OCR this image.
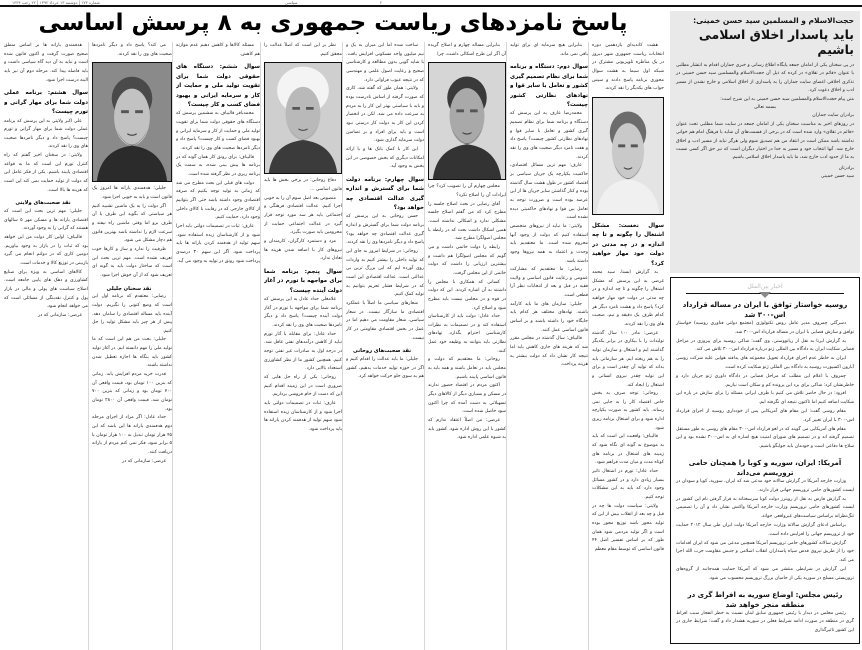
شماره ۱۷۳ | دوشنبه ۱۳ خرداد ۱۳۹۲ | ۲۲ رجب ۱۴۳۴	سیاسی	۲
پاسخ نامزدهای ریاست جمهوری به ۸ پرسش اساسی	حجت‌الاسلام و المسلمین سید حسن خمینی:
باید پاسدار اخلاق اسلامی باشیم

در پی سخنان یکی از امامان جمعه پایگاه اطلاع رسانی و خبری جماران اقدام به انتشار مطلبی با عنوان «قائم در تقلای» در کرده که ذیل آن حجت‌الاسلام والمسلمین سید حسن خمینی در تذکری اخلاقی اعضای سایت جماران را به پاسداری از اخلاق اسلامی و خارج نشدن از مسیر ادب و اخلاق دعوت کرد.

متن پیام حجت‌الاسلام والمسلمین سید حسن خمینی به این شرح است:

بسمه تعالی

برادران سایت جماران

در روزهای اخیر به مناسبت سخنان یکی از امامان جمعه در سایت شما مطلبی تحت عنوان «قائم در تقلای» وارد شده است که در برخی از قسمت‌های آن شاید با فرهنگ امام هم خوانی نداشته باشد ممکن است در انتقاد من هم تصدیق شوم ولی هرگز نباید از مسیر ادب و اخلاق خارج شد. آنها انتخاب خود و مسیر به خدا در اختیار دیگران است که نیز حق اگر کسی نسبت به ما از حدود ادب خارج شد، ما باید پاسدار اخلاق اسلامی باشیم.

برادرتان

سید حسن خمینی

اخبار بین‌الملل
روسیه خواستار توافق با ایران در مساله قرارداد اس-۳۰۰ شد

دسرگئی چمزوف مدیر عامل روس تکنولوژی (مجتمع دولتی فناوری روسیه) خواستار توافق و سازش قضایی با ایران در مساله قرارداد اس-۳۰۰ شد.

به گزارش ایرنا به نقل از ریانووستی، وی گفت: شاکی روسیه برای پیروزی در مراحل قضایی شکایت ایران به دادگاه بین المللی ژنو درباره قرارداد اس-۳۰۰ تلاش می کند.

ایران به خاطر عدم اجرای قرارداد تحویل مجموعه های پدافند هوایی علیه شرکت روسی آبارون اکسپورت روسیه به دادگاه بین المللی ژنو شکایت کرده است.

چمزوف با اعلام این مطلب که مراحل قضایی در دادگاه داوری ژنو جریان دارد و خاطرنشان کرد: شاکی برای برد این پرونده کم و سکان است نیازیم.

افزود: در حال حاضر تلاش می کنیم با طرف ایرانی مسئله را برای سازش در باره این شکایت اضافه کنیم اما تاکنون نتیجه ای نگرفته ایم.

مقام روسی گفت: این مقام های آمریکایی پس از خودداری روسیه از اجرای قرارداد اس-۳۰۰ با ایران تغییر کرد.

مقام های آمریکایی می گویند که در لغو قرارداد اس-۳۰۰ مقام های روسی به طور مستقل تصمیم گرفته اند و در تصمیم های شورای امنیت هیچ اشاره ای به اس-۳۰۰ نشده بود و این سلاح ها دفاعی است و خودمان باید جوابگو باشیم.

آمریکا: ایران، سوریه و کوبا را همچنان حامی تروریسم می‌داند

وزارت خارجه آمریکا در گزارش سالانه خود مدعی شد که ایران، سوریه، کوبا و سودان در لیست کشورهای حامی تروریسم جهانی قرار دارند.

به گزارش فارس به نقل از رویترز دولت کوبا سرسختانه به قرار گرفتن نام این کشور در لیست کشورهای حامی تروریسم وزارت خارجه آمریکا واکنش نشان داد و آن را تصمیمی تنگ‌نظرانه براساس سیاست‌های غیرواقعی خواند.

براساس ادعای گزارش سالانه وزارت خارجه آمریکا دولت ایران طی سال ۲۰۱۲ حمایت خود از تروریسم جهانی را افزایش داده است.

گزارش سالانه کشورهای حامی تروریسم آمریکا همچنین مدعی می شود که ایران اقدامات خود را از طریق نیروی قدس سپاه پاسداران انقلاب اسلامی و جنبش مقاومت حزب الله اجرا می کند.

این گزارش در شرایطی منتشر می شود که آمریکا حمایت همه‌جانبه از گروه‌های تروریستی مسلح در سوریه یکی از حامیان بزرگ تروریسم محسوب می شود.

رئیس مجلس: اوضاع سوریه به افراط گری در منطقه منجر خواهد شد

رئیس مجلس در دیدار با رئیس جمهوری سابق لبنان نسبت به خطر انفجار سبب افراط گری در منطقه در صورت ادامه شرایط فعلی در سوریه هشدار داد و گفت: شرایط جاری در این کشور تاثیرگذاری

هشت کاندیدای یازدهمین دوره انتخابات ریاست جمهوری شهر دیروز در یک مناظره تلویزیونی مشترک در شبکه اول سیما به هشت سوال محوری برنامه پاسخ دادند و سپس جواب های یکدیگر را نقد کردند.

سوال نخست: مشکل اشتغال را چگونه و تا چه اندازه و در چه مدتی در دولت خود مهار خواهید کرد؟

به گزارش ایسنا، سید محمد غرضی به این پرسش که مشکل اشتغال را چگونه و تا چه اندازه و در چه مدتی در دولت خود مهار خواهید کرد؟ پاسخ داد و هشت نامزد دیگر هر کدام ظرف یک دقیقه و نیم، صحبت های وی را نقد کردند.

غرضی: مادر ۱۰۰ سال گذشته تولیدات را با بیکاری در برابر یکدیگر گذاشته ایم و اشتغال و سازمان تولید را به هم ریخته ایم. هر سازمانی باید بداند که تولید آن چقدر است و برای این تولید چقدر نیروی انسانی و اشتغال را ایجاد کند.

روحانی: توجه صرف به بخش خاص اقتصاد کار را به جایی نمی رساند. باید کشور به صورت یکپارچه اداره شود و برای اشتغال برنامه ریزی شود.

قالیباف: واقعیت این است که باید به موضوع به گونه ای نگاه شود که زمینه های اشتغال در برنامه های کوتاه مدت و میان مدت فراهم شود.

حداد عادل: تورم در اشتغال تاثیر بسیار زیادی دارد و در کشور مسائل وجود دارد که باید به این مشکلات توجه کنیم.

ولایتی: سیاست دولت ها چه در قبل و چه بعد از انقلاب بیش از این که تولید محور باشد توزیع محور بوده است و اگر تولید مردمی شود همان طور که بر اساس تفسیر اصل ۴۴ قانون اساسی که توسط مقام معظم

بنابراین هیچ سرمایه ای برای تولید باقی نمی ماند.

سوال دوم: دستگاه و برنامه شما برای نظام تصمیم گیری کشور و تعامل با سایر قوا و نهادهای نظارتی کشور چیست؟

محمدرضا عارف به این پرسش که دستگاه و برنامه شما برای نظام تصمیم گیری کشور و تعامل با سایر قوا و نهادهای نظارتی کشور چیست؟ پاسخ داد و هفت نامزد دیگر صحبت های وی را نقد کردند.

عارف: مهم ترین مسائل اقتصادی، حاکمیت یکپارچه یک جریان سیاسی بر اقتصاد کشور در طول هشت سال گذشته بوده و کنار گذاشتن سایر جریان ها از این عرصه بوده است و ضرورت توجه به تعامل بین قوا و نهادهای حاکمیتی دیده نشده است.

ولایتی: ما نباید از نیروهای متخصص استفاده کنیم که دولت از وجود آنها محروم شده است. ما معتقدیم باید وحدت و اعتماد به همه نیروها وجود داشته باشد.

رضایی: ما معتقدیم که مشارکت عمومی و رعایت قانون اساسی و ولایت فقیه در قبل و بعد از انتخابات نظر آرا قطعی است.

جلیلی: سازمان های ما باید کارآمد باشند. نهادهای مختلف هر کدام باید جایگاه خود را داشته باشند و بر اساس قانون اساسی عمل کنند.

قالیباف: سال گذشته در مجلس مقرر شد که هزینه های جاری کاهش یابد اما نتیجه کار نشان داد که دولت بیشتر به هزینه پرداخت.

بنابراین مساله چهارم و اصلاح گزیده آن اگر این طرح اشکالی داشت، چرا

مجلس چهارم آن را تصویب کرد؟ چرا ایرادات آن را اصلاح نکرد؟

آقای رضایی در بحث اصلاح جلسه را مطرح کرد که من گفتم اصلاح جلسه مشکلی ندارد و اشکالی نداشته است. همین اشکال داشت بحث که در رابطه با مجلس اصولگرا مطرح شد.

رابطه را دولت خاتمی داشت و می گویم که مجلس اصولگرا هم داشت و بیشترین ارزیابی را داشت که دولت خاتمی از این مجلس گرفت.

کسانی که همکاری با مجلس را داشتند به آن اشاره کردند. این که دولت در قوه و در مجلس نیست باید مطرح شود و اصلاح کرد.

حداد عادل: دولت باید از کارشناسان استفاده کند و در تصمیمات به نظرات کارشناسی احترام بگذارد. نهادهای نظارتی باید بتوانند به وظیفه خود عمل کنند.

روحانی: ما معتقدیم که دولت و مجلس باید در تعامل باشند و همه باید به قانون اساسی پایبند باشیم.

اکنون مردم در اقتصاد حضور ندارند در مسکن و بسیاری دیگر از کالاهای دیگر تسهیلاتی به دست آمده که چرا اکنون سود حاصل شده است.

غرضی: من اصلاً اعتقاد ندارم که کشور با این روش اداره شود. کشور باید به شیوه علمی اداره شود.

ساخت شده اما این میزان به یک و نیم میلیون واحد مسکونی افزایش یافت. با شاید گویی بدون مطالعه و کارشناسی صحیح و رعایت اصول علمی و مهندسی که در نتیجه عیوب فراوانی دارد.

ولایتی: همان طور که گفته شد، کاری که صورت گرفته از اساس نادرست بوده و باید با سیاستی بهتر این کار را به مردم به سرعت داده می شد. لکن در انحصار کردن این کار به دولت کار درستی نبود است و باید برای افراد و بر تضامین دولت سرمایه گذاری شود.

این کار با کمک بانک ها و با ارائه امکانات دیگری که بخش خصوصی در این بخش به وجود آید.

سوال چهارم: برنامه دولت شما برای گسترش و اندازه گیری عدالت اقتصادی چه خواهد بود؟

حسن روحانی به این پرسش که برنامه دولت شما برای گسترش و اندازه گیری عدالت اقتصادی چه خواهد بود؟ پاسخ داد و دیگر نامزدها وی را نقد کردند.

روحانی: در شرایط امروز به جای این که تولید داخلی را بیشتر کنیم به واردات روی آورده ایم که این بزرگ ترین بی عدالتی است. عدالت اقتصادی این است که در شرایط فشار تحریم بتوانیم به تولید کمک کنیم.

شعارهای سیاسی ما اصلاً با عملکرد اقتصادی ما سازگار نیست. در شعار سیاسی، شعار مقاومت می دهیم اما در عمل در بخش اقتصادی مقاومتی در کار نیست.

نقد صحبت‌های روحانی

جلیلی: ما باید عدالت را اقدام کنیم و اگر در حوزه تولید خدمات بدهیم، کشور هم به سوی جلو حرکت خواهد کرد.

نظر بر این است که اصلاً عدالت را محقق کنیم.

دفاع روحانی: در برخی بخش ها باید قانون اساسی ...

منصوص بعد اصل سوم آن را به خوبی اجرا کنیم. عدالت اقتصادی فرهنگی و اجتماعی باید هر سه مورد توجه قرار گیرد در عدالت اجتماعی حمایت از محرومین باید صورت بگیرد.

مزد و دستمزد کارگران، کارمندان و نیروهای کار با اضافه شدن هزینه ها تعادل ندارد.

سوال پنجم: برنامه شما برای مواجهه با تورم در آغاز دولت آینده چیست؟

غلامعلی حداد عادل به این پرسش که برنامه شما برای مواجهه با تورم در آغاز دولت آینده چیست؟ پاسخ داد و دیگر نامزدها صحبت های وی را نقد کردند.

حداد عادل: برای مقابله با آثار تورم نباید از کاهش درآمدهای نفتی غافل شد. در درجه اول به صادرات غیر نفتی توجه کنیم. همچنین کشور ما از نظر کشاورزی استعداد بالایی دارد.

روحانی: یکی از راه حل هایی که ضروری است در این زمینه اقدام کنیم این که دست از خام فروشی برداریم.

عارف: ثبات در تصمیمات دولتی باید اجرا شود و از کارشناسان زبده استفاده شود سهم تولید از هدفمند کردن یارانه ها باید پرداخت شود.

مسئله کالاها و کاهش دهیم عدم موازنه هم کاهش.

سوال ششم: دستگاه های حقوقی دولت شما برای تقویت تولید ملی و حمایت از کار و سرمایه ایرانی و بهبود فضای کسب و کار چیست؟

محمدباقر قالیباف به ششمین پرسش که دستگاه های حقوقی دولت شما برای تقویت تولید ملی و حمایت از کار و سرمایه ایرانی و بهبود فضای کسب و کار چیست؟ پاسخ داد و دیگر نامزدها صحبت های وی را نقد کردند.

قالیباف: برای رونق کار همان گونه که در برنامه ها پیش بینی شده، به سمت یک برنامه ریزی در نظر گرفته شده است.

دولت های قبلی این بحث مطرح می شد که زمانی به تولید توجه بکنیم که صرفه اقتصادی وجود داشته باشد حتی اگر بتوانیم از کالای خارجی که در رقابت با کالای داخلی وجود دارد، حمایت کنیم.

عارف: ثبات در تصمیمات دولتی باید اجرا شود و از کارشناسان زبده استفاده شود. سهم تولید از هدفمند کردن یارانه ها باید پرداخت شود. اگر این سهم ۳۰ درصدی پرداخت شود رونق در تولید به وجود می آید.

می کند؟ پاسخ داد و دیگر نامزدها صحبت های وی را نقد کردند.

جلیلی: هدفمندی یارانه ها امروز یک قانون است و باید به خوبی اجرا شود.

اگر دولت را به یک ماشین تشبیه کنیم هر سیاستی که بگوید این طرف یا آن طرف برو اما وقتی ماشین راه نیفتد و سرعت لازم را نداشته باشد بهترین قانون هم دچار مشکل می شود.

ظرفیت را ندارد و ساز و کارها خوب تعریف نشده است. مهم ترین بحث این است که ساختار دولت باید به گونه ای تعریف شود که از آن خوش اجرا شود.

نقد سخنان جلیلی

رضایی: معتقدم که برنامه اول این است که وضع کنونی را نگیریم. دولت آینده باید مساله اقتصادی را سامان دهد. پیش از هر چیز باید مشکل تولید را حل کنیم.

جلیلی: بحث من هم این است که ما تولید ملی را مهم دانسته ایم. در آغاز تولید کشور باید بنگاه ها اجازه تعطیل شدن نداشته باشند.

قدرت خرید مردم افزایش یابد. زمانی که بنزین ۱۰۰ تومان بود، قیمت واقعی آن ۷۰۰ تومان بود و زمانی که بنزین ۷۰۰ تومان شد، قیمت واقعی آن ۲۸۰۰ تومان بود.

حداد عادل: اگر مراد از اجرای مرحله دوم هدفمندی یارانه ها این باشد که این ۴۵ هزار تومان تبدیل به ۱۰۰ هزار تومان یا ۵ برابر شود، فکر نمی کنم مردم از یارانه دریافت کنند.

غرضی: سازمانی که در

هدفمندی یارانه ها بر اساس منطق صحیح صورت گرفت و اکنون قانون شده است و نباید به آن دید گاه سیاسی داشت و باید فاصله پیدا کند. مرحله دوم آن نیز باید البته درست اجرا شود.

سوال هشتم: برنامه عملی دولت شما برای مهار گرانی و تورم چیست؟

علی اکبر ولایتی به این پرسش که برنامه عملی دولت شما برای مهار گرانی و تورم چیست؟ پاسخ داد و دیگر نامزدها صحبت های وی را نقد کردند.

ولایتی: در سخنان اخیر گفتم که راه کنترل تورم این است که ما به قواعد اقتصادی پایبند باشیم. یکی از فکر عامل این که دولت از تولید حمایت نمی کند این است که هزینه ها بالا است.

نقد صحبت‌های ولایتی

جلیلی: مهم ترین بحث این است که اقتصادی یارانه ها و مسکن مهر ۵ سالهای هستند که گرانی را به وجود آوردند.

قالیباف: اولین کار دولت من این خواهد بود که ثبات را در بازار به وجود بیاوریم. دومین کاری که در دولتم انجام می گیرد بازبینی در توزیع کالا و خدمات است.

کالاهای اساسی به ویژه برای صنایع کشاورزی و دهک های پایین جامعه است. اصلاح سیاست های پولی و مالی در بازار پول و کنترل نقدینگی از مسائلی است که می خواهد انجام شود.

غرضی: سازمانی که در
